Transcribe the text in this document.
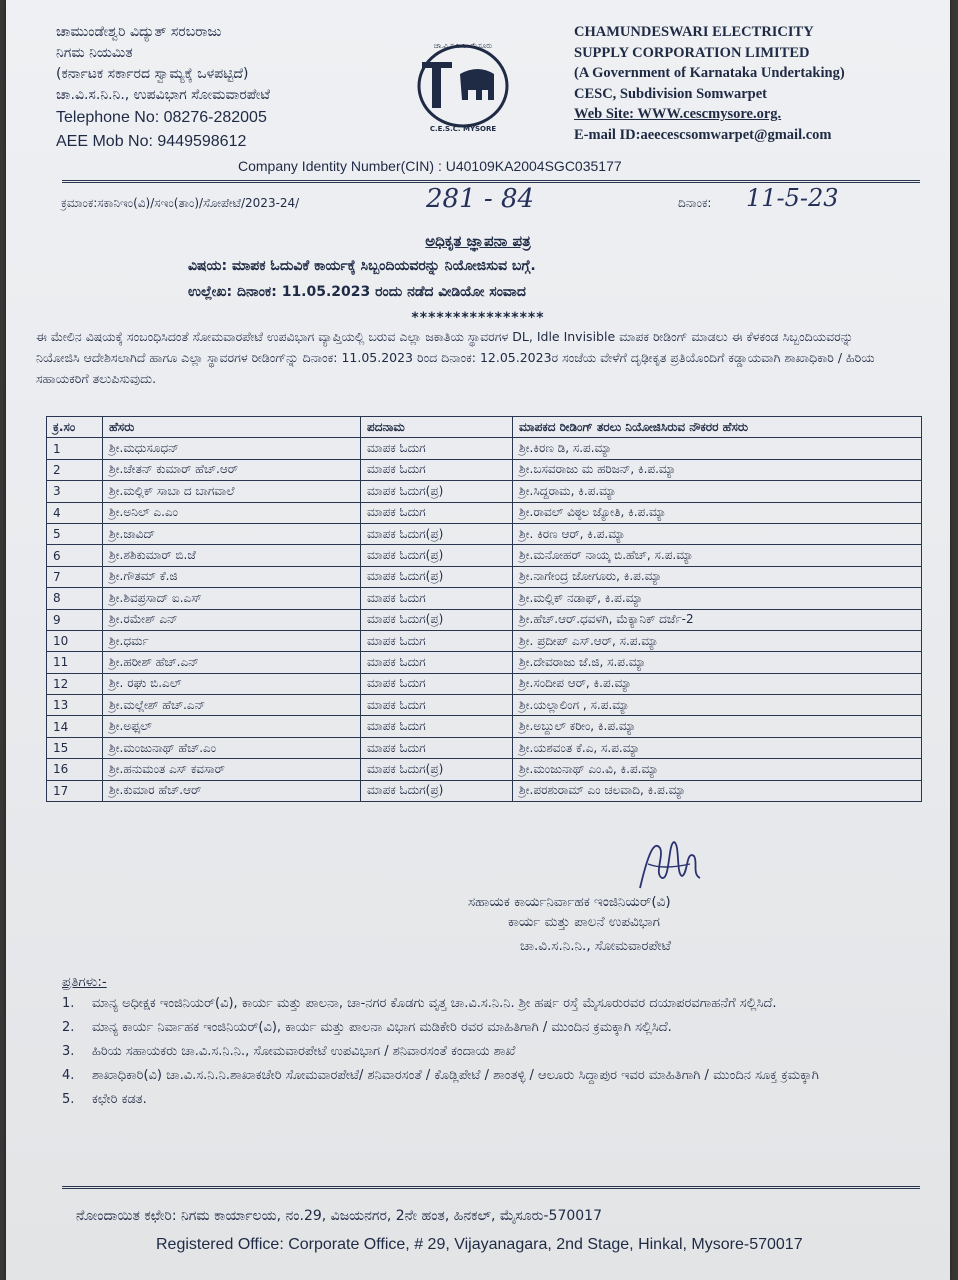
ಚಾಮುಂಡೇಶ್ವರಿ ವಿದ್ಯುತ್ ಸರಬರಾಜು
ನಿಗಮ ನಿಯಮಿತ
(ಕರ್ನಾಟಕ ಸರ್ಕಾರದ ಸ್ವಾಮ್ಯಕ್ಕೆ ಒಳಪಟ್ಟಿದೆ)
ಚಾ.ವಿ.ಸ.ನಿ.ನಿ., ಉಪವಿಭಾಗ ಸೋಮವಾರಪೇಟೆ
Telephone No: 08276-282005
AEE Mob No: 9449598612
ಚಾ.ವಿ.ಸ.ನಿ.ನಿ. ಮೈಸೂರು
C.E.S.C. MYSORE
CHAMUNDESWARI ELECTRICITY
SUPPLY CORPORATION LIMITED
(A Government of Karnataka Undertaking)
CESC, Subdivision Somwarpet
Web Site: WWW.cescmysore.org.
E-mail ID:aeecescsomwarpet@gmail.com
Company Identity Number(CIN) : U40109KA2004SGC035177
ಕ್ರಮಾಂಕ:ಸಕಾನಿಇಂ(ವಿ)/ಸಇಂ(ತಾಂ)/ಸೋಪೇಟೆ/2023-24/	281 - 84	ದಿನಾಂಕ: 11-5-23
ಅಧಿಕೃತ ಜ್ಞಾಪನಾ ಪತ್ರ
ವಿಷಯ: ಮಾಪಕ ಓದುವಿಕೆ ಕಾರ್ಯಕ್ಕೆ ಸಿಬ್ಬಂದಿಯವರನ್ನು ನಿಯೋಜಿಸುವ ಬಗ್ಗೆ.
ಉಲ್ಲೇಖ: ದಿನಾಂಕ: 11.05.2023 ರಂದು ನಡೆದ ವೀಡಿಯೋ ಸಂವಾದ
****************
ಈ ಮೇಲಿನ ವಿಷಯಕ್ಕೆ ಸಂಬಂಧಿಸಿದಂತೆ ಸೋಮವಾರಪೇಟೆ ಉಪವಿಭಾಗ ವ್ಯಾಪ್ತಿಯಲ್ಲಿ ಬರುವ ಎಲ್ಲಾ ಜಕಾತಿಯ ಸ್ಥಾವರಗಳ DL, Idle Invisible ಮಾಪಕ ರೀಡಿಂಗ್ ಮಾಡಲು ಈ ಕೆಳಕಂಡ ಸಿಬ್ಬಂದಿಯವರನ್ನು ನಿಯೋಜಿಸಿ ಆದೇಶಿಸಲಾಗಿದೆ ಹಾಗೂ ಎಲ್ಲಾ ಸ್ಥಾವರಗಳ ರೀಡಿಂಗ್‌ನ್ನು ದಿನಾಂಕ: 11.05.2023 ರಿಂದ ದಿನಾಂಕ: 12.05.2023ರ ಸಂಜೆಯ ವೇಳೆಗೆ ದೃಢೀಕೃತ ಪ್ರತಿಯೊಂದಿಗೆ ಕಡ್ಡಾಯವಾಗಿ ಶಾಖಾಧಿಕಾರಿ / ಹಿರಿಯ ಸಹಾಯಕರಿಗೆ ತಲುಪಿಸುವುದು.
ಕ್ರ.ಸಂ	ಹೆಸರು	ಪದನಾಮ	ಮಾಪಕದ ರೀಡಿಂಗ್ ತರಲು ನಿಯೋಜಿಸಿರುವ ನೌಕರರ ಹೆಸರು
1	ಶ್ರೀ.ಮಧುಸೂಧನ್	ಮಾಪಕ ಓದುಗ	ಶ್ರೀ.ಕಿರಣ ಡಿ, ಸ.ಪ.ಮ್ಯಾ
2	ಶ್ರೀ.ಚೇತನ್ ಕುಮಾರ್ ಹೆಚ್.ಆರ್	ಮಾಪಕ ಓದುಗ	ಶ್ರೀ.ಬಸವರಾಜು ಮ ಹರಿಜನ್, ಕಿ.ಪ.ಮ್ಯಾ
3	ಶ್ರೀ.ಮಲ್ಲಿಕ್ ಸಾಬಾ ದ ಬಾಗವಾಲೆ	ಮಾಪಕ ಓದುಗ(ಪ್ರ)	ಶ್ರೀ.ಸಿದ್ದರಾಮ, ಕಿ.ಪ.ಮ್ಯಾ
4	ಶ್ರೀ.ಅನಿಲ್ ಎ.ಎಂ	ಮಾಪಕ ಓದುಗ	ಶ್ರೀ.ರಾವಲ್ ವಿಠ್ಠಲ ಜ್ಯೋತಿ, ಕಿ.ಪ.ಮ್ಯಾ
5	ಶ್ರೀ.ಜಾವಿದ್	ಮಾಪಕ ಓದುಗ(ಪ್ರ)	ಶ್ರೀ. ಕಿರಣ ಆರ್, ಕಿ.ಪ.ಮ್ಯಾ
6	ಶ್ರೀ.ಶಶಿಕುಮಾರ್ ಬಿ.ಜೆ	ಮಾಪಕ ಓದುಗ(ಪ್ರ)	ಶ್ರೀ.ಮನೋಹರ್ ನಾಯ್ಕ ಬಿ.ಹೆಚ್, ಸ.ಪ.ಮ್ಯಾ
7	ಶ್ರೀ.ಗೌತಮ್ ಕೆ.ಜಿ	ಮಾಪಕ ಓದುಗ(ಪ್ರ)	ಶ್ರೀ.ನಾಗೇಂದ್ರ ಜೋಗೂರು, ಕಿ.ಪ.ಮ್ಯಾ
8	ಶ್ರೀ.ಶಿವಪ್ರಸಾದ್ ಐ.ಎಸ್	ಮಾಪಕ ಓದುಗ	ಶ್ರೀ.ಮಲ್ಲಿಕ್ ನಡಾಫ್, ಕಿ.ಪ.ಮ್ಯಾ
9	ಶ್ರೀ.ರಮೇಶ್ ಎನ್	ಮಾಪಕ ಓದುಗ(ಪ್ರ)	ಶ್ರೀ.ಹೆಚ್.ಆರ್.ಧವಳಗಿ, ಮೆಕ್ಯಾನಿಕ್ ದರ್ಜೆ-2
10	ಶ್ರೀ.ಧರ್ಮ	ಮಾಪಕ ಓದುಗ	ಶ್ರೀ. ಪ್ರದೀಪ್ ಎಸ್.ಆರ್, ಸ.ಪ.ಮ್ಯಾ
11	ಶ್ರೀ.ಹರೀಶ್ ಹೆಚ್.ಎನ್	ಮಾಪಕ ಓದುಗ	ಶ್ರೀ.ದೇವರಾಜು ಜೆ.ಜಿ, ಸ.ಪ.ಮ್ಯಾ
12	ಶ್ರೀ. ರಘು ಬಿ.ಎಲ್	ಮಾಪಕ ಓದುಗ	ಶ್ರೀ.ಸಂದೀಪ ಆರ್, ಕಿ.ಪ.ಮ್ಯಾ
13	ಶ್ರೀ.ಮಲ್ಲೇಶ್ ಹೆಚ್.ಎನ್	ಮಾಪಕ ಓದುಗ	ಶ್ರೀ.ಯಲ್ಲಾಲಿಂಗ , ಸ.ಪ.ಮ್ಯಾ
14	ಶ್ರೀ.ಅಫ್ಸಲ್	ಮಾಪಕ ಓದುಗ	ಶ್ರೀ.ಅಬ್ದುಲ್ ಕರೀಂ, ಕಿ.ಪ.ಮ್ಯಾ
15	ಶ್ರೀ.ಮಂಜುನಾಥ್ ಹೆಚ್.ಎಂ	ಮಾಪಕ ಓದುಗ	ಶ್ರೀ.ಯಶವಂತ ಕೆ.ಎ, ಸ.ಪ.ಮ್ಯಾ
16	ಶ್ರೀ.ಹನುಮಂತ ಎಸ್ ಕವಸಾರ್	ಮಾಪಕ ಓದುಗ(ಪ್ರ)	ಶ್ರೀ.ಮಂಜುನಾಥ್ ಎಂ.ವಿ, ಕಿ.ಪ.ಮ್ಯಾ
17	ಶ್ರೀ.ಕುಮಾರ ಹೆಚ್.ಆರ್	ಮಾಪಕ ಓದುಗ(ಪ್ರ)	ಶ್ರೀ.ಪರಶುರಾಮ್ ಎಂ ಚಲವಾದಿ, ಕಿ.ಪ.ಮ್ಯಾ
ಸಹಾಯಕ ಕಾರ್ಯನಿರ್ವಾಹಕ ಇಂಜಿನಿಯರ್(ವಿ)
ಕಾರ್ಯ ಮತ್ತು ಪಾಲನೆ ಉಪವಿಭಾಗ
ಚಾ.ವಿ.ಸ.ನಿ.ನಿ., ಸೋಮವಾರಪೇಟೆ
ಪ್ರತಿಗಳು:-
1.	ಮಾನ್ಯ ಅಧೀಕ್ಷಕ ಇಂಜಿನಿಯರ್(ವಿ), ಕಾರ್ಯ ಮತ್ತು ಪಾಲನಾ, ಚಾ-ನಗರ ಕೊಡಗು ವೃತ್ತ ಚಾ.ವಿ.ಸ.ನಿ.ನಿ. ಶ್ರೀ ಹರ್ಷ ರಸ್ತೆ ಮೈಸೂರುರವರ ದಯಾಪರವಗಾಹನೆಗೆ ಸಲ್ಲಿಸಿದೆ.
2.	ಮಾನ್ಯ ಕಾರ್ಯ ನಿರ್ವಾಹಕ ಇಂಜಿನಿಯರ್(ವಿ), ಕಾರ್ಯ ಮತ್ತು ಪಾಲನಾ ವಿಭಾಗ ಮಡಿಕೇರಿ ರವರ ಮಾಹಿತಿಗಾಗಿ / ಮುಂದಿನ ಕ್ರಮಕ್ಕಾಗಿ ಸಲ್ಲಿಸಿದೆ.
3.	ಹಿರಿಯ ಸಹಾಯಕರು ಚಾ.ವಿ.ಸ.ನಿ.ನಿ., ಸೋಮವಾರಪೇಟೆ ಉಪವಿಭಾಗ / ಶನಿವಾರಸಂತೆ ಕಂದಾಯ ಶಾಖೆ
4.	ಶಾಖಾಧಿಕಾರಿ(ವಿ) ಚಾ.ವಿ.ಸ.ನಿ.ನಿ.ಶಾಖಾಕಚೇರಿ ಸೋಮವಾರಪೇಟೆ/ ಶನಿವಾರಸಂತೆ / ಕೊಡ್ಲಿಪೇಟೆ / ಶಾಂತಳ್ಳಿ / ಆಲೂರು ಸಿದ್ದಾಪುರ ಇವರ ಮಾಹಿತಿಗಾಗಿ / ಮುಂದಿನ ಸೂಕ್ತ ಕ್ರಮಕ್ಕಾಗಿ
5.	ಕಛೇರಿ ಕಡತ.
ನೋಂದಾಯಿತ ಕಛೇರಿ: ನಿಗಮ ಕಾರ್ಯಾಲಯ, ನಂ.29, ವಿಜಯನಗರ, 2ನೇ ಹಂತ, ಹಿನಕಲ್, ಮೈಸೂರು-570017
Registered Office: Corporate Office, # 29, Vijayanagara, 2nd Stage, Hinkal, Mysore-570017
